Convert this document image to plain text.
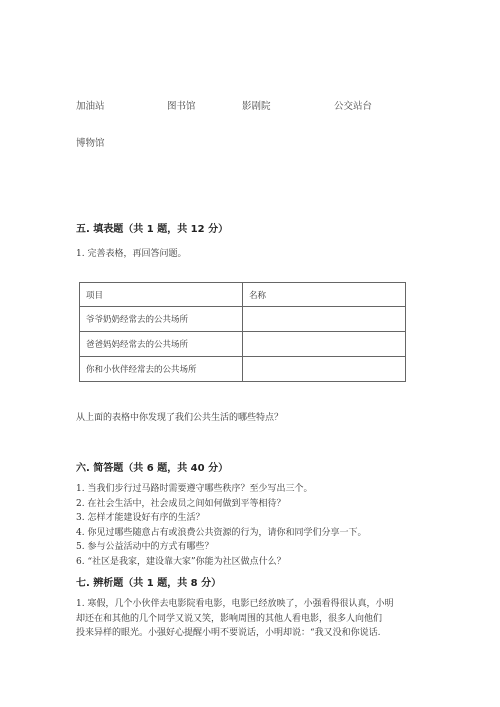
加油站	图书馆	影剧院	公交站台
博物馆
五. 填表题（共 1 题，共 12 分）
1. 完善表格，再回答问题。
项目	名称
爷爷奶奶经常去的公共场所	
爸爸妈妈经常去的公共场所	
你和小伙伴经常去的公共场所	
从上面的表格中你发现了我们公共生活的哪些特点？
六. 简答题（共 6 题，共 40 分）
1. 当我们步行过马路时需要遵守哪些秩序？至少写出三个。
2. 在社会生活中，社会成员之间如何做到平等相待？
3. 怎样才能建设好有序的生活？
4. 你见过哪些随意占有或浪费公共资源的行为，请你和同学们分享一下。
5. 参与公益活动中的方式有哪些？
6. “社区是我家，建设靠大家”你能为社区做点什么？
七. 辨析题（共 1 题，共 8 分）
1. 寒假，几个小伙伴去电影院看电影，电影已经放映了，小强看得很认真，小明
却还在和其他的几个同学又说又笑，影响周围的其他人看电影，很多人向他们
投来异样的眼光。小强好心提醒小明不要说话，小明却说：“我又没和你说话.
